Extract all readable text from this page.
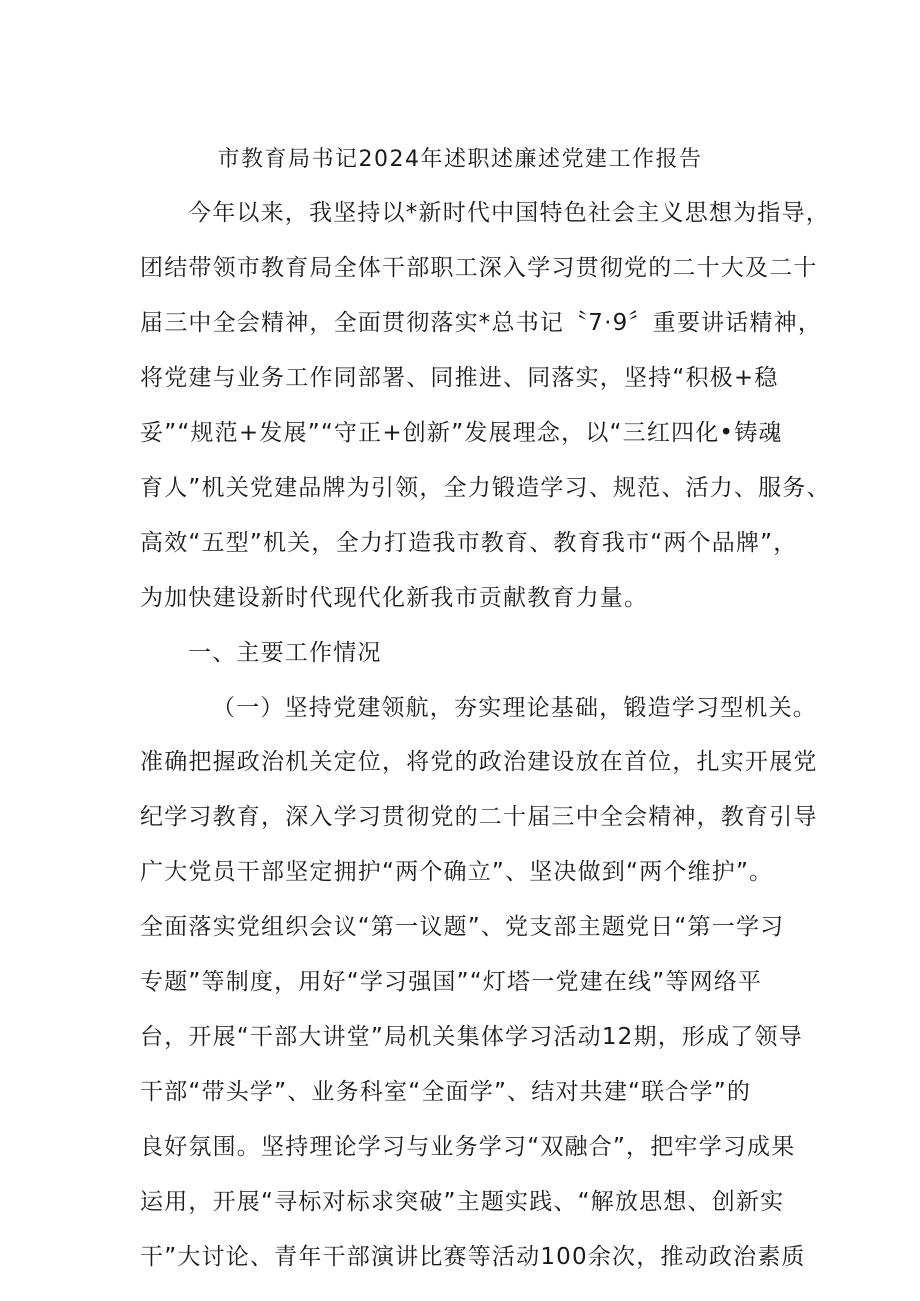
市教育局书记2024年述职述廉述党建工作报告
今年以来，我坚持以*新时代中国特色社会主义思想为指导，
团结带领市教育局全体干部职工深入学习贯彻党的二十大及二十
届三中全会精神，全面贯彻落实*总书记〝7·9〞重要讲话精神，
将党建与业务工作同部署、同推进、同落实，坚持“积极+稳
妥”“规范+发展”“守正+创新”发展理念，以“三红四化•铸魂
育人”机关党建品牌为引领，全力锻造学习、规范、活力、服务、
高效“五型”机关，全力打造我市教育、教育我市“两个品牌”，
为加快建设新时代现代化新我市贡献教育力量。
一、主要工作情况
（一）坚持党建领航，夯实理论基础，锻造学习型机关。
准确把握政治机关定位，将党的政治建设放在首位，扎实开展党
纪学习教育，深入学习贯彻党的二十届三中全会精神，教育引导
广大党员干部坚定拥护“两个确立”、坚决做到“两个维护”。
全面落实党组织会议“第一议题”、党支部主题党日“第一学习
专题”等制度，用好“学习强国”“灯塔一党建在线”等网络平
台，开展“干部大讲堂”局机关集体学习活动12期，形成了领导
干部“带头学”、业务科室“全面学”、结对共建“联合学”的
良好氛围。坚持理论学习与业务学习“双融合”，把牢学习成果
运用，开展“寻标对标求突破”主题实践、“解放思想、创新实
干”大讨论、青年干部演讲比赛等活动100余次，推动政治素质
